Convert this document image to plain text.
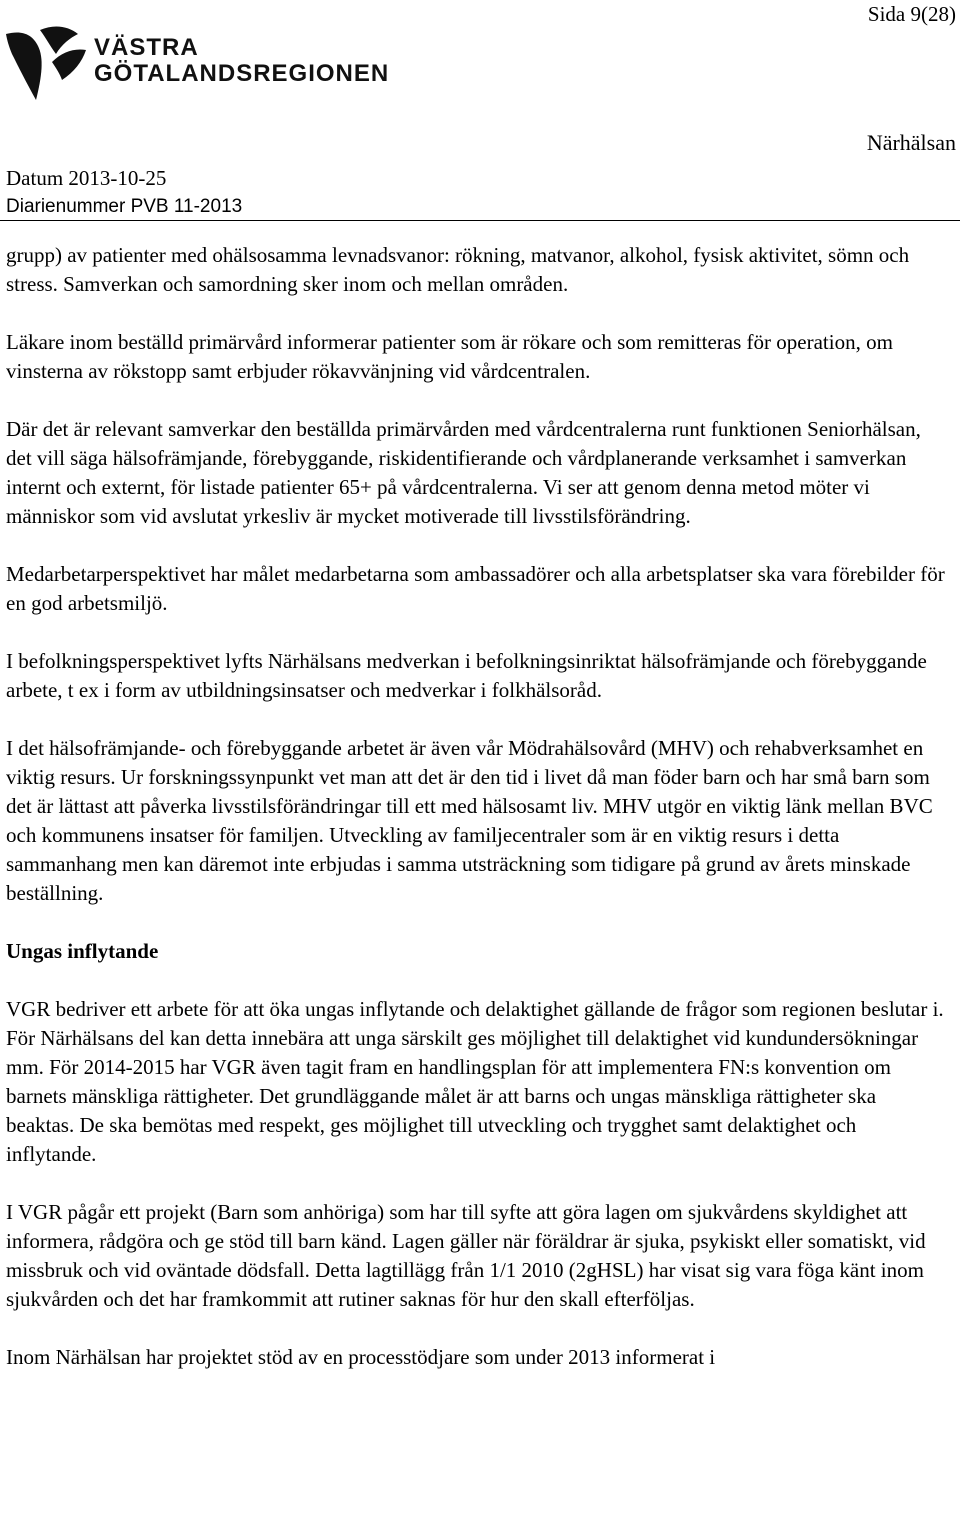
Sida 9(28)
VÄSTRA
GÖTALANDSREGIONEN
Närhälsan
Datum 2013-10-25
Diarienummer PVB 11-2013

grupp) av patienter med ohälsosamma levnadsvanor: rökning, matvanor, alkohol, fysisk aktivitet, sömn och stress. Samverkan och samordning sker inom och mellan områden.

Läkare inom beställd primärvård informerar patienter som är rökare och som remitteras för operation, om vinsterna av rökstopp samt erbjuder rökavvänjning vid vårdcentralen.

Där det är relevant samverkar den beställda primärvården med vårdcentralerna runt funktionen Seniorhälsan, det vill säga hälsofrämjande, förebyggande, riskidentifierande och vårdplanerande verksamhet i samverkan internt och externt, för listade patienter 65+ på vårdcentralerna. Vi ser att genom denna metod möter vi människor som vid avslutat yrkesliv är mycket motiverade till livsstilsförändring.

Medarbetarperspektivet har målet medarbetarna som ambassadörer och alla arbetsplatser ska vara förebilder för en god arbetsmiljö.

I befolkningsperspektivet lyfts Närhälsans medverkan i befolkningsinriktat hälsofrämjande och förebyggande arbete, t ex i form av utbildningsinsatser och medverkar i folkhälsoråd.

I det hälsofrämjande- och förebyggande arbetet är även vår Mödrahälsovård (MHV) och rehabverksamhet en viktig resurs. Ur forskningssynpunkt vet man att det är den tid i livet då man föder barn och har små barn som det är lättast att påverka livsstilsförändringar till ett med hälsosamt liv. MHV utgör en viktig länk mellan BVC och kommunens insatser för familjen. Utveckling av familjecentraler som är en viktig resurs i detta sammanhang men kan däremot inte erbjudas i samma utsträckning som tidigare på grund av årets minskade beställning.

Ungas inflytande

VGR bedriver ett arbete för att öka ungas inflytande och delaktighet gällande de frågor som regionen beslutar i. För Närhälsans del kan detta innebära att unga särskilt ges möjlighet till delaktighet vid kundundersökningar mm. För 2014-2015 har VGR även tagit fram en handlingsplan för att implementera FN:s konvention om barnets mänskliga rättigheter. Det grundläggande målet är att barns och ungas mänskliga rättigheter ska beaktas. De ska bemötas med respekt, ges möjlighet till utveckling och trygghet samt delaktighet och inflytande.

I VGR pågår ett projekt (Barn som anhöriga) som har till syfte att göra lagen om sjukvårdens skyldighet att informera, rådgöra och ge stöd till barn känd. Lagen gäller när föräldrar är sjuka, psykiskt eller somatiskt, vid missbruk och vid oväntade dödsfall. Detta lagtillägg från 1/1 2010 (2gHSL) har visat sig vara föga känt inom sjukvården och det har framkommit att rutiner saknas för hur den skall efterföljas.

Inom Närhälsan har projektet stöd av en processtödjare som under 2013 informerat i
